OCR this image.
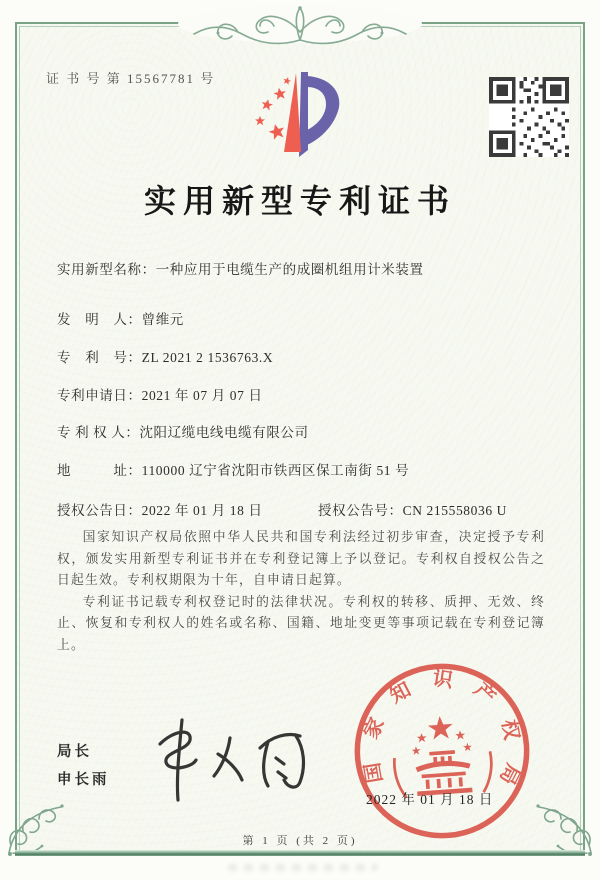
证 书 号 第 15567781 号
实用新型专利证书
实用新型名称：一种应用于电缆生产的成圈机组用计米装置
发　明　人：曾维元
专　利　号：ZL 2021 2 1536763.X
专利申请日：2021 年 07 月 07 日
专 利 权 人：沈阳辽缆电线电缆有限公司
地　　　址：110000 辽宁省沈阳市铁西区保工南街 51 号
授权公告日：2022 年 01 月 18 日	授权公告号：CN 215558036 U

国家知识产权局依照中华人民共和国专利法经过初步审查，决定授予专利权，颁发实用新型专利证书并在专利登记簿上予以登记。专利权自授权公告之日起生效。专利权期限为十年，自申请日起算。

专利证书记载专利权登记时的法律状况。专利权的转移、质押、无效、终止、恢复和专利权人的姓名或名称、国籍、地址变更等事项记载在专利登记簿上。

局长
申长雨	国家知识产权局
2022 年 01 月 18 日
第 1 页 (共 2 页)
